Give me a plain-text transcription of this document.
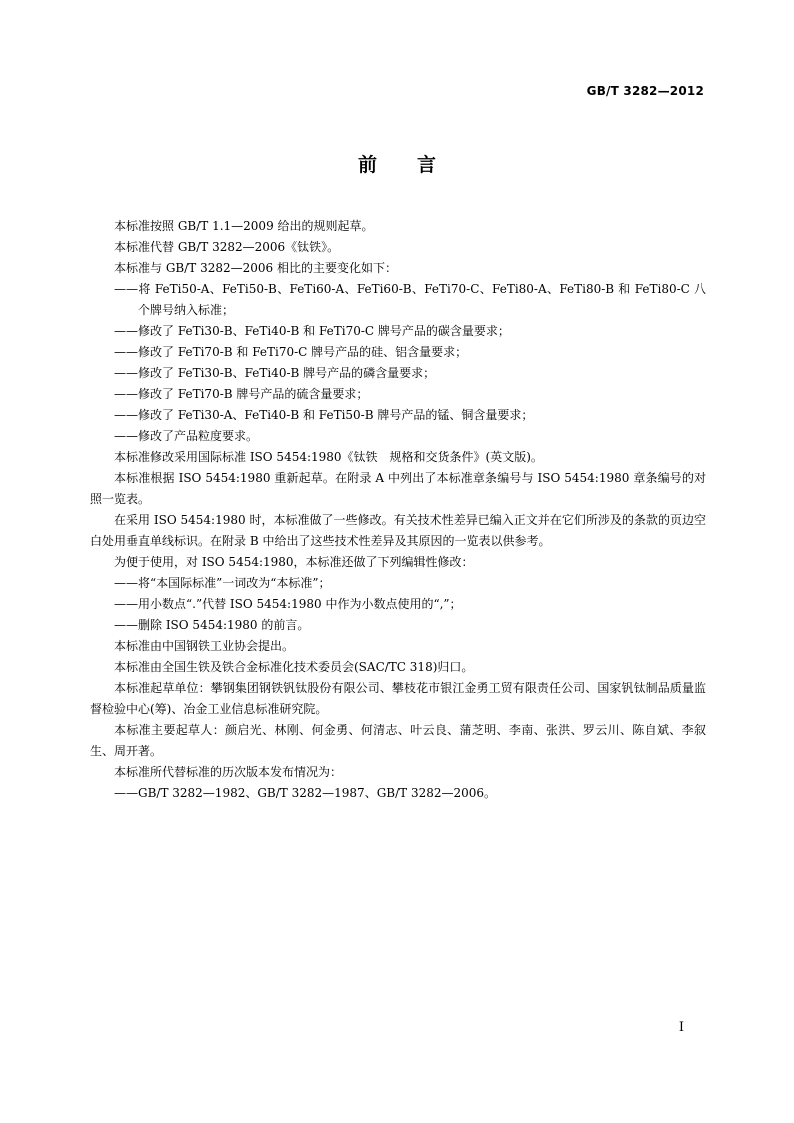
GB/T 3282—2012
前 言

本标准按照 GB/T 1.1—2009 给出的规则起草。

本标准代替 GB/T 3282—2006《钛铁》。

本标准与 GB/T 3282—2006 相比的主要变化如下：

——将 FeTi50-A、FeTi50-B、FeTi60-A、FeTi60-B、FeTi70-C、FeTi80-A、FeTi80-B 和 FeTi80-C 八个牌号纳入标准；

——修改了 FeTi30-B、FeTi40-B 和 FeTi70-C 牌号产品的碳含量要求；

——修改了 FeTi70-B 和 FeTi70-C 牌号产品的硅、铝含量要求；

——修改了 FeTi30-B、FeTi40-B 牌号产品的磷含量要求；

——修改了 FeTi70-B 牌号产品的硫含量要求；

——修改了 FeTi30-A、FeTi40-B 和 FeTi50-B 牌号产品的锰、铜含量要求；

——修改了产品粒度要求。

本标准修改采用国际标准 ISO 5454:1980《钛铁　规格和交货条件》(英文版)。

本标准根据 ISO 5454:1980 重新起草。在附录 A 中列出了本标准章条编号与 ISO 5454:1980 章条编号的对照一览表。

在采用 ISO 5454:1980 时，本标准做了一些修改。有关技术性差异已编入正文并在它们所涉及的条款的页边空白处用垂直单线标识。在附录 B 中给出了这些技术性差异及其原因的一览表以供参考。

为便于使用，对 ISO 5454:1980，本标准还做了下列编辑性修改：

——将“本国际标准”一词改为“本标准”；

——用小数点“.”代替 ISO 5454:1980 中作为小数点使用的“,”；

——删除 ISO 5454:1980 的前言。

本标准由中国钢铁工业协会提出。

本标准由全国生铁及铁合金标准化技术委员会(SAC/TC 318)归口。

本标准起草单位：攀钢集团钢铁钒钛股份有限公司、攀枝花市银江金勇工贸有限责任公司、国家钒钛制品质量监督检验中心(筹)、冶金工业信息标准研究院。

本标准主要起草人：颜启光、林刚、何金勇、何清志、叶云良、蒲芝明、李南、张洪、罗云川、陈自斌、李叙生、周开著。

本标准所代替标准的历次版本发布情况为：

——GB/T 3282—1982、GB/T 3282—1987、GB/T 3282—2006。

I
